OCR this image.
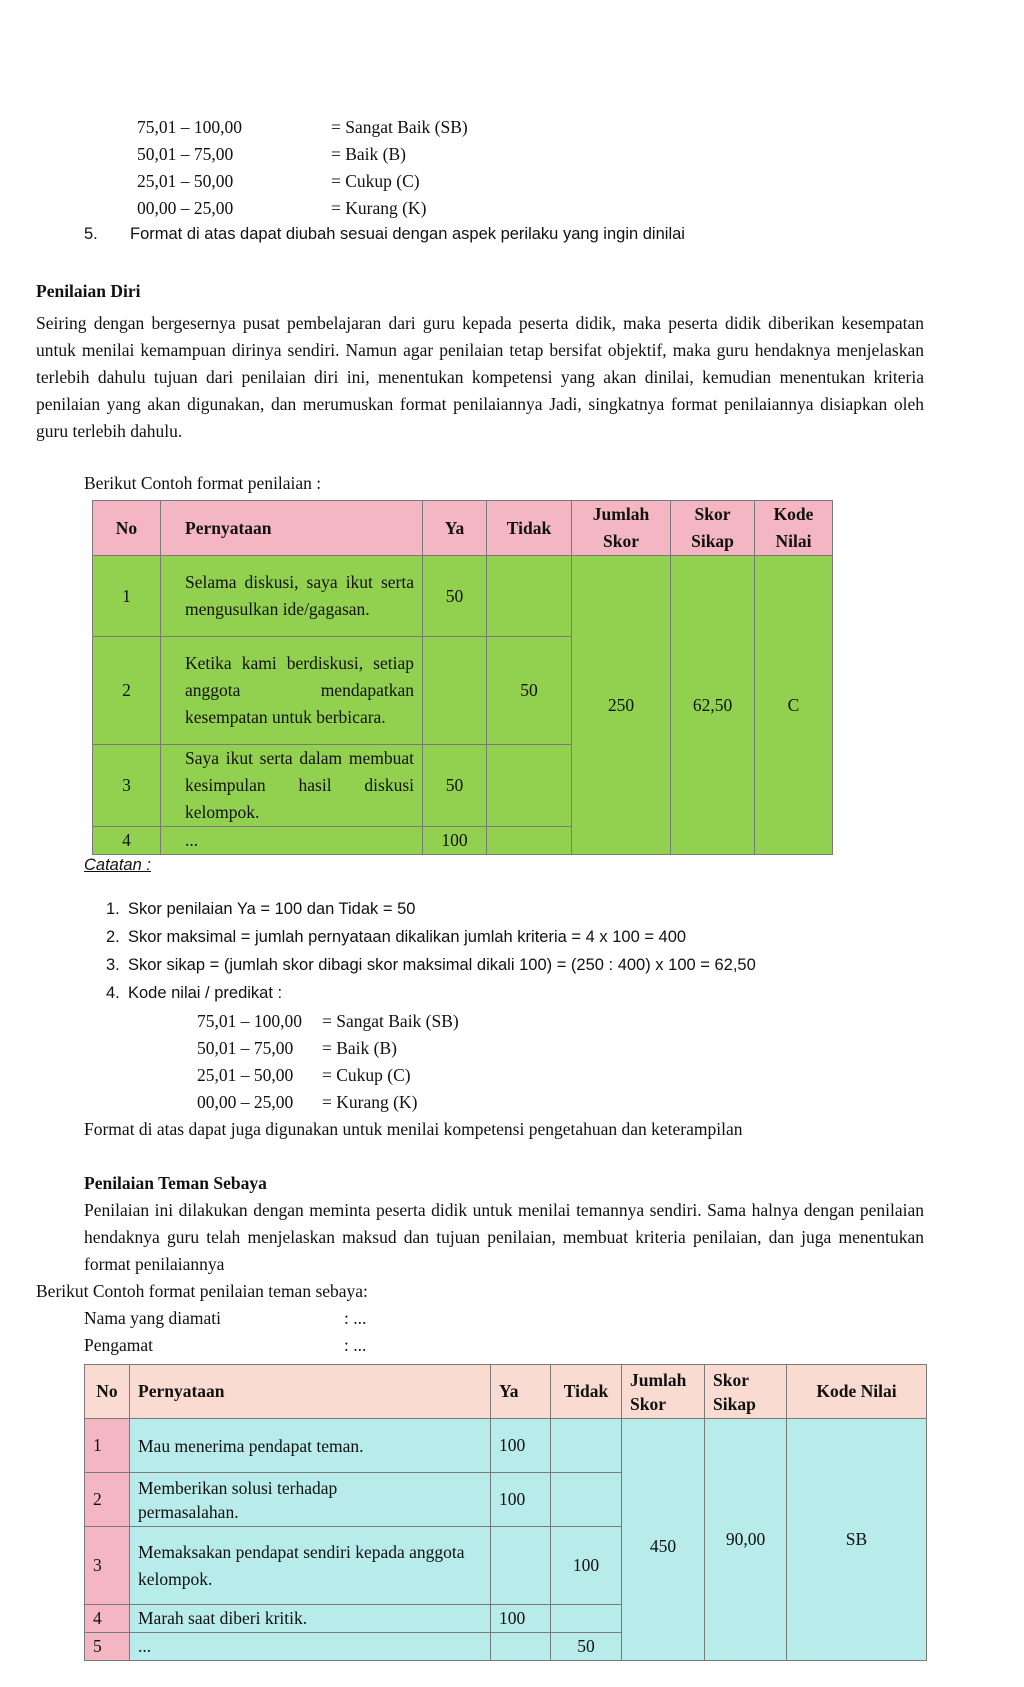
75,01 – 100,00	= Sangat Baik (SB)
50,01 – 75,00	= Baik (B)
25,01 – 50,00	= Cukup (C)
00,00 – 25,00	= Kurang (K)
5. Format di atas dapat diubah sesuai dengan aspek perilaku yang ingin dinilai
Penilaian Diri
Seiring dengan bergesernya pusat pembelajaran dari guru kepada peserta didik, maka peserta didik diberikan kesempatan untuk menilai kemampuan dirinya sendiri. Namun agar penilaian tetap bersifat objektif, maka guru hendaknya menjelaskan terlebih dahulu tujuan dari penilaian diri ini, menentukan kompetensi yang akan dinilai, kemudian menentukan kriteria penilaian yang akan digunakan, dan merumuskan format penilaiannya Jadi, singkatnya format penilaiannya disiapkan oleh guru terlebih dahulu.
Berikut Contoh format penilaian :
No	Pernyataan	Ya	Tidak	Jumlah Skor	Skor Sikap	Kode Nilai
1	Selama diskusi, saya ikut serta mengusulkan ide/gagasan.	50		250	62,50	C
2	Ketika kami berdiskusi, setiap anggota mendapatkan kesempatan untuk berbicara.		50			
3	Saya ikut serta dalam membuat kesimpulan hasil diskusi kelompok.	50				
4	...	100				
Catatan :
1. Skor penilaian Ya = 100 dan Tidak = 50
2. Skor maksimal = jumlah pernyataan dikalikan jumlah kriteria = 4 x 100 = 400
3. Skor sikap = (jumlah skor dibagi skor maksimal dikali 100) = (250 : 400) x 100 = 62,50
4. Kode nilai / predikat :
75,01 – 100,00 = Sangat Baik (SB)
50,01 – 75,00 = Baik (B)
25,01 – 50,00 = Cukup (C)
00,00 – 25,00 = Kurang (K)
Format di atas dapat juga digunakan untuk menilai kompetensi pengetahuan dan keterampilan
Penilaian Teman Sebaya
Penilaian ini dilakukan dengan meminta peserta didik untuk menilai temannya sendiri. Sama halnya dengan penilaian hendaknya guru telah menjelaskan maksud dan tujuan penilaian, membuat kriteria penilaian, dan juga menentukan format penilaiannya
Berikut Contoh format penilaian teman sebaya:
Nama yang diamati	: ...
Pengamat	: ...
No	Pernyataan	Ya	Tidak	Jumlah Skor	Skor Sikap	Kode Nilai
1	Mau menerima pendapat teman.	100		450	90,00	SB
2	Memberikan solusi terhadap permasalahan.	100				
3	Memaksakan pendapat sendiri kepada anggota kelompok.		100			
4	Marah saat diberi kritik.	100				
5	...		50			
